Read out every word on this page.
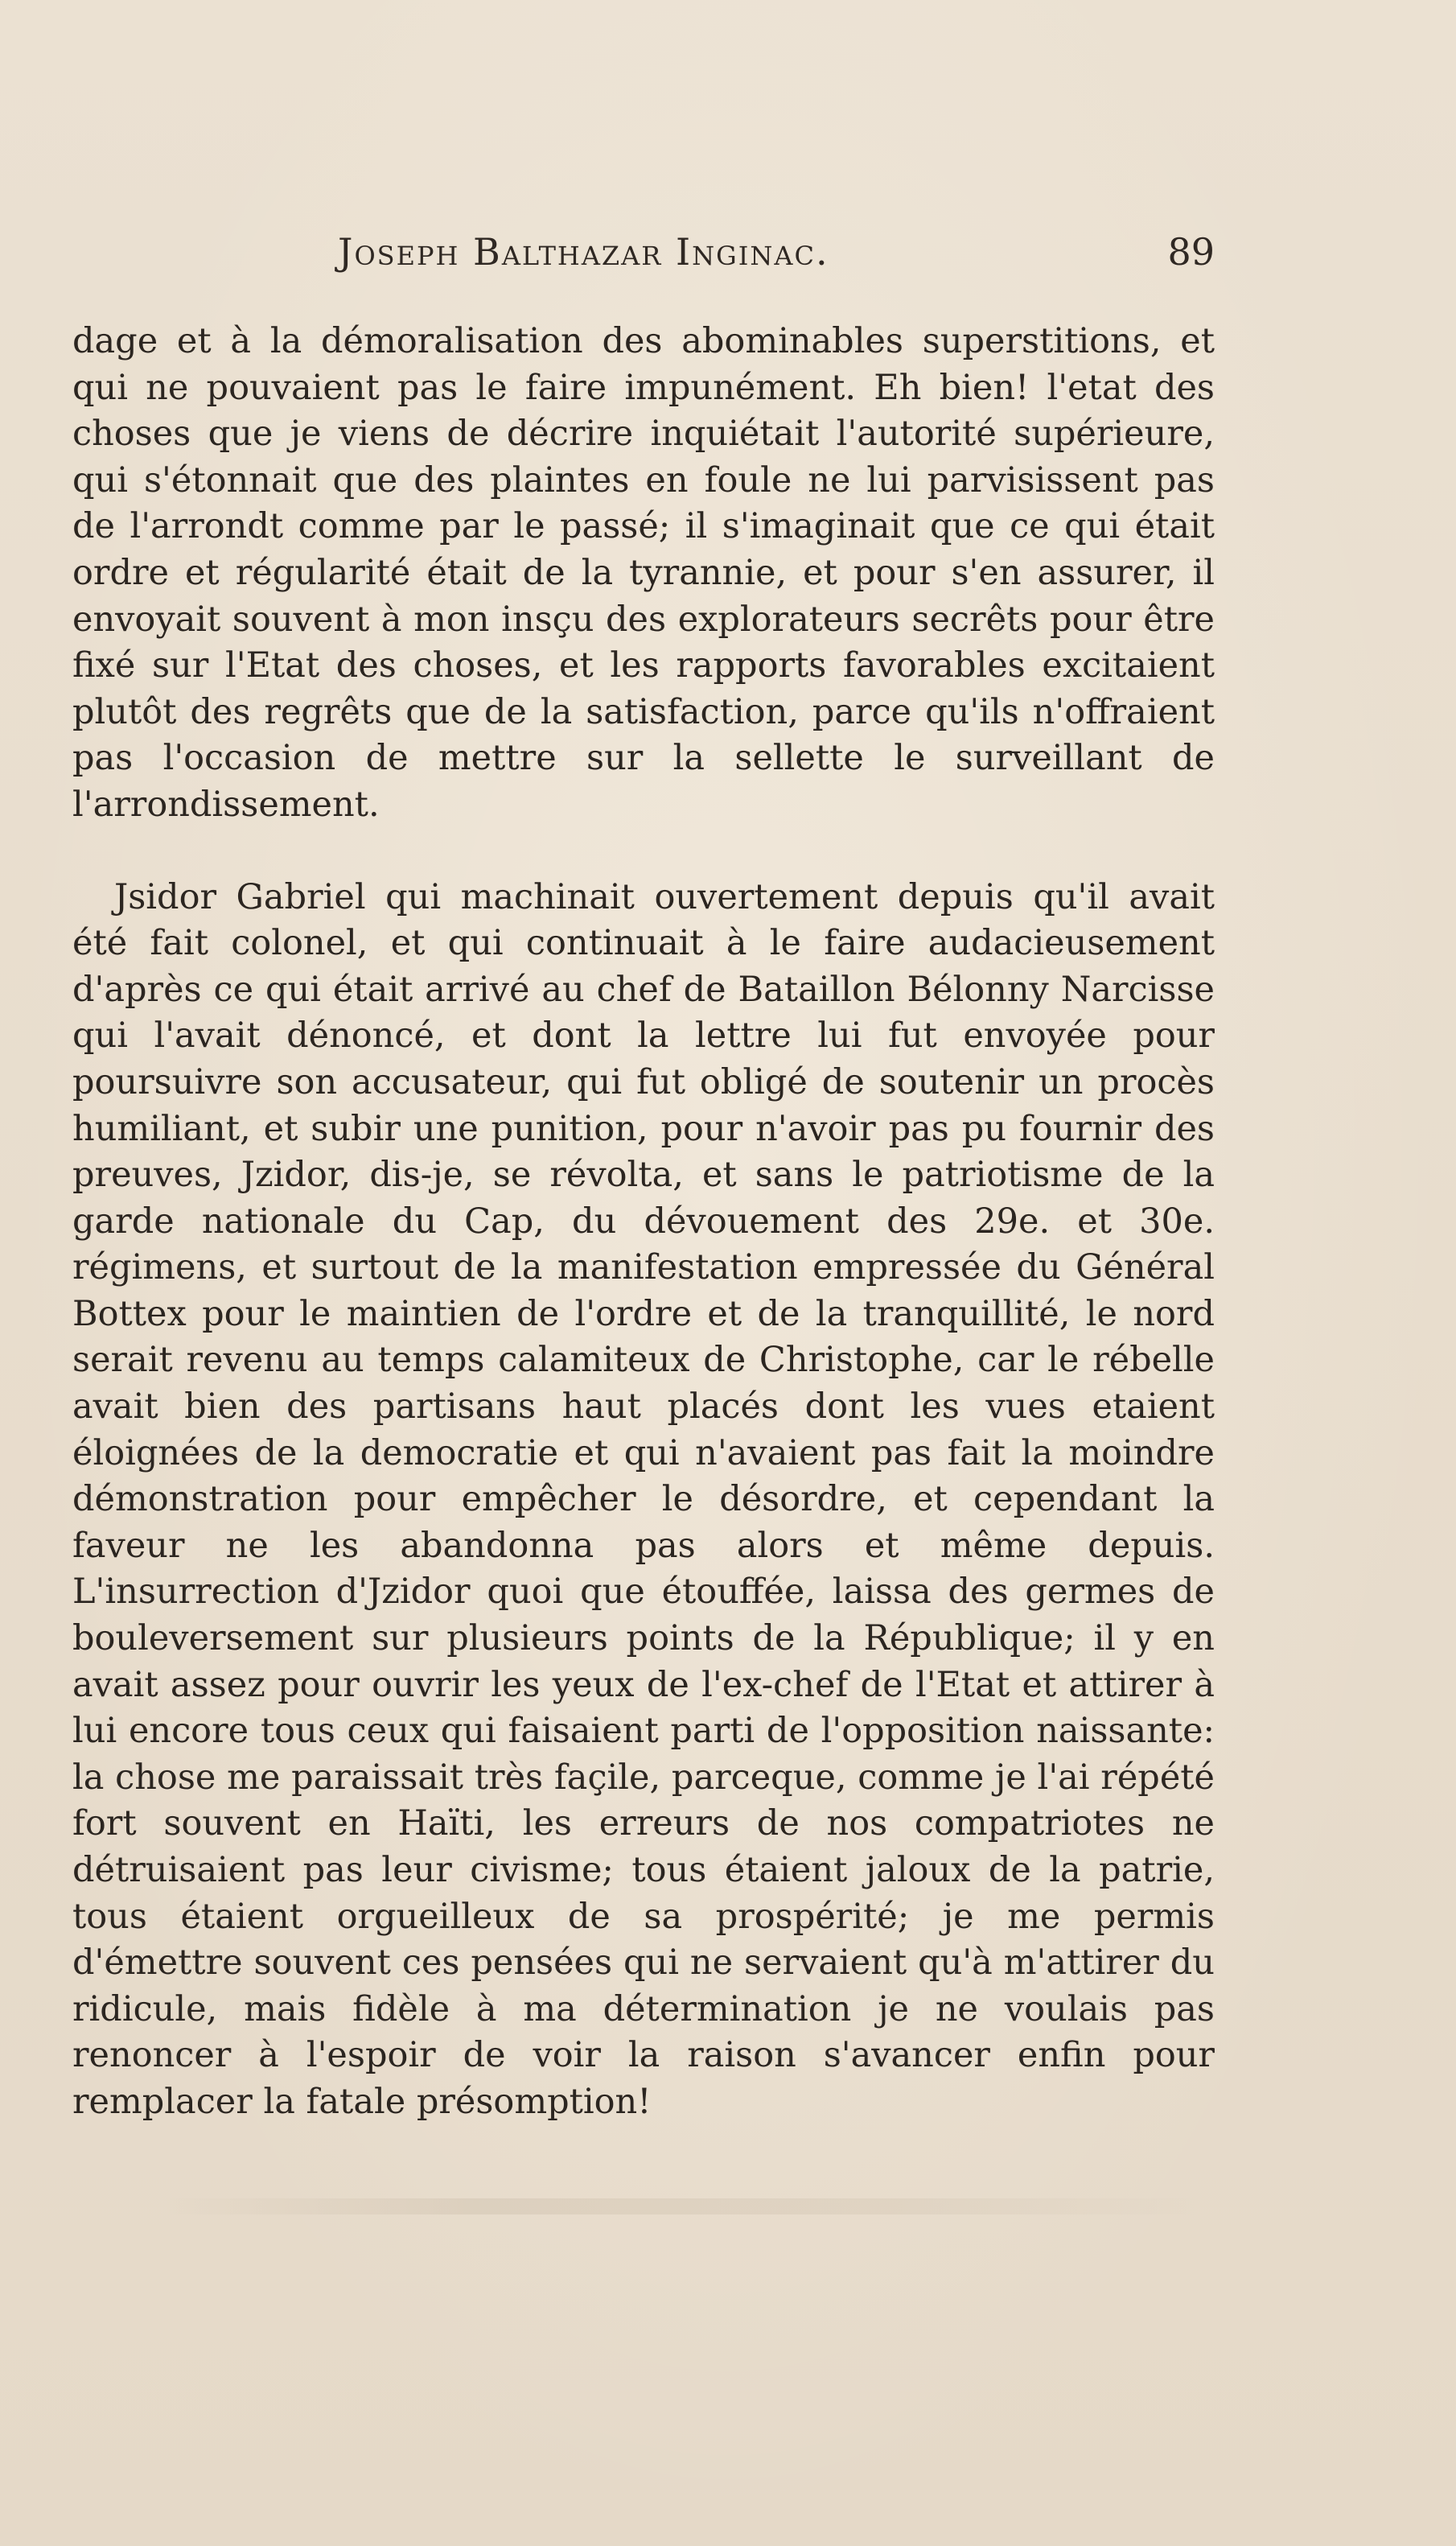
Joseph Balthazar Inginac.	89

dage et à la démoralisation des abominables superstitions, et qui ne pouvaient pas le faire impunément. Eh bien! l'etat des choses que je viens de décrire inquiétait l'autorité supérieure, qui s'étonnait que des plaintes en foule ne lui parvisissent pas de l'arrondt comme par le passé; il s'imaginait que ce qui était ordre et régularité était de la tyrannie, et pour s'en assurer, il envoyait souvent à mon insçu des explorateurs secrêts pour être fixé sur l'Etat des choses, et les rapports favorables excitaient plutôt des regrêts que de la satisfaction, parce qu'ils n'offraient pas l'occasion de mettre sur la sellette le surveillant de l'arrondissement.

Jsidor Gabriel qui machinait ouvertement depuis qu'il avait été fait colonel, et qui continuait à le faire audacieusement d'après ce qui était arrivé au chef de Bataillon Bélonny Narcisse qui l'avait dénoncé, et dont la lettre lui fut envoyée pour poursuivre son accusateur, qui fut obligé de soutenir un procès humiliant, et subir une punition, pour n'avoir pas pu fournir des preuves, Jzidor, dis-je, se révolta, et sans le patriotisme de la garde nationale du Cap, du dévouement des 29e. et 30e. régimens, et surtout de la manifestation empressée du Général Bottex pour le maintien de l'ordre et de la tranquillité, le nord serait revenu au temps calamiteux de Christophe, car le rébelle avait bien des partisans haut placés dont les vues etaient éloignées de la democratie et qui n'avaient pas fait la moindre démonstration pour empêcher le désordre, et cependant la faveur ne les abandonna pas alors et même depuis. L'insurrection d'Jzidor quoi que étouffée, laissa des germes de bouleversement sur plusieurs points de la République; il y en avait assez pour ouvrir les yeux de l'ex-chef de l'Etat et attirer à lui encore tous ceux qui faisaient parti de l'opposition naissante: la chose me paraissait très façile, parceque, comme je l'ai répété fort souvent en Haïti, les erreurs de nos compatriotes ne détruisaient pas leur civisme; tous étaient jaloux de la patrie, tous étaient orgueilleux de sa prospérité; je me permis d'émettre souvent ces pensées qui ne servaient qu'à m'attirer du ridicule, mais fidèle à ma détermination je ne voulais pas renoncer à l'espoir de voir la raison s'avancer enfin pour remplacer la fatale présomption!
